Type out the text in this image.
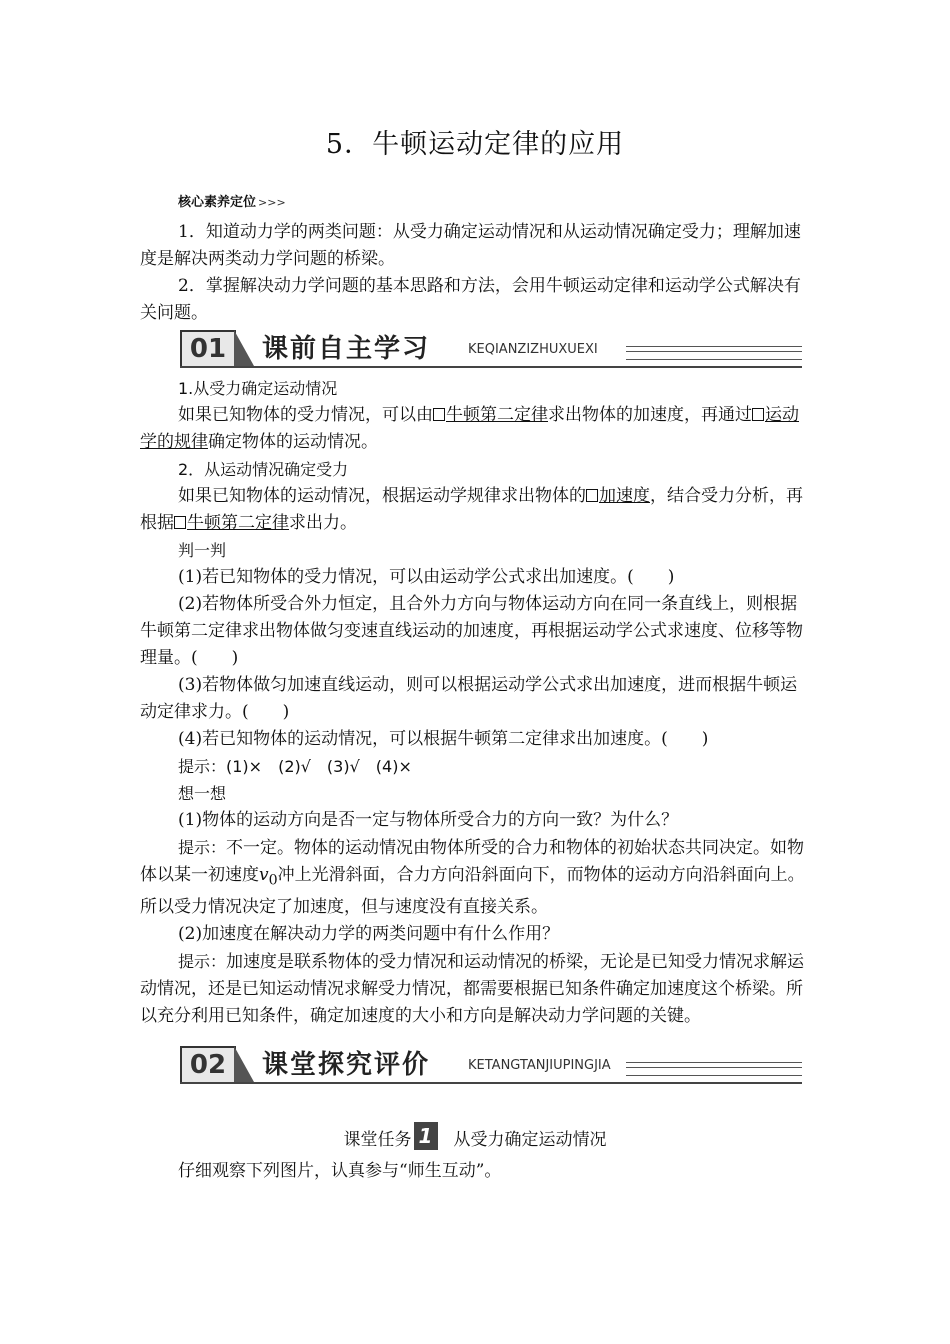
5．牛顿运动定律的应用
核心素养定位 >>>
1．知道动力学的两类问题：从受力确定运动情况和从运动情况确定受力；理解加速度是解决两类动力学问题的桥梁。
2．掌握解决动力学问题的基本思路和方法，会用牛顿运动定律和运动学公式解决有关问题。
01	课前自主学习	KEQIANZIZHUXUEXI
1.从受力确定运动情况
如果已知物体的受力情况，可以由 牛顿第二定律求出物体的加速度，再通过 运动学的规律确定物体的运动情况。
2．从运动情况确定受力
如果已知物体的运动情况，根据运动学规律求出物体的 加速度，结合受力分析，再根据 牛顿第二定律求出力。
判一判
(1)若已知物体的受力情况，可以由运动学公式求出加速度。(　　)
(2)若物体所受合外力恒定，且合外力方向与物体运动方向在同一条直线上，则根据牛顿第二定律求出物体做匀变速直线运动的加速度，再根据运动学公式求速度、位移等物理量。(　　)
(3)若物体做匀加速直线运动，则可以根据运动学公式求出加速度，进而根据牛顿运动定律求力。(　　)
(4)若已知物体的运动情况，可以根据牛顿第二定律求出加速度。(　　)
提示：(1)×　(2)√　(3)√　(4)×
想一想
(1)物体的运动方向是否一定与物体所受合力的方向一致？为什么？
提示：不一定。物体的运动情况由物体所受的合力和物体的初始状态共同决定。如物体以某一初速度$v_0$冲上光滑斜面，合力方向沿斜面向下，而物体的运动方向沿斜面向上。所以受力情况决定了加速度，但与速度没有直接关系。
(2)加速度在解决动力学的两类问题中有什么作用？
提示：加速度是联系物体的受力情况和运动情况的桥梁，无论是已知受力情况求解运动情况，还是已知运动情况求解受力情况，都需要根据已知条件确定加速度这个桥梁。所以充分利用已知条件，确定加速度的大小和方向是解决动力学问题的关键。
02	课堂探究评价	KETANGTANJIUPINGJIA
课堂任务 1 从受力确定运动情况
仔细观察下列图片，认真参与“师生互动”。
